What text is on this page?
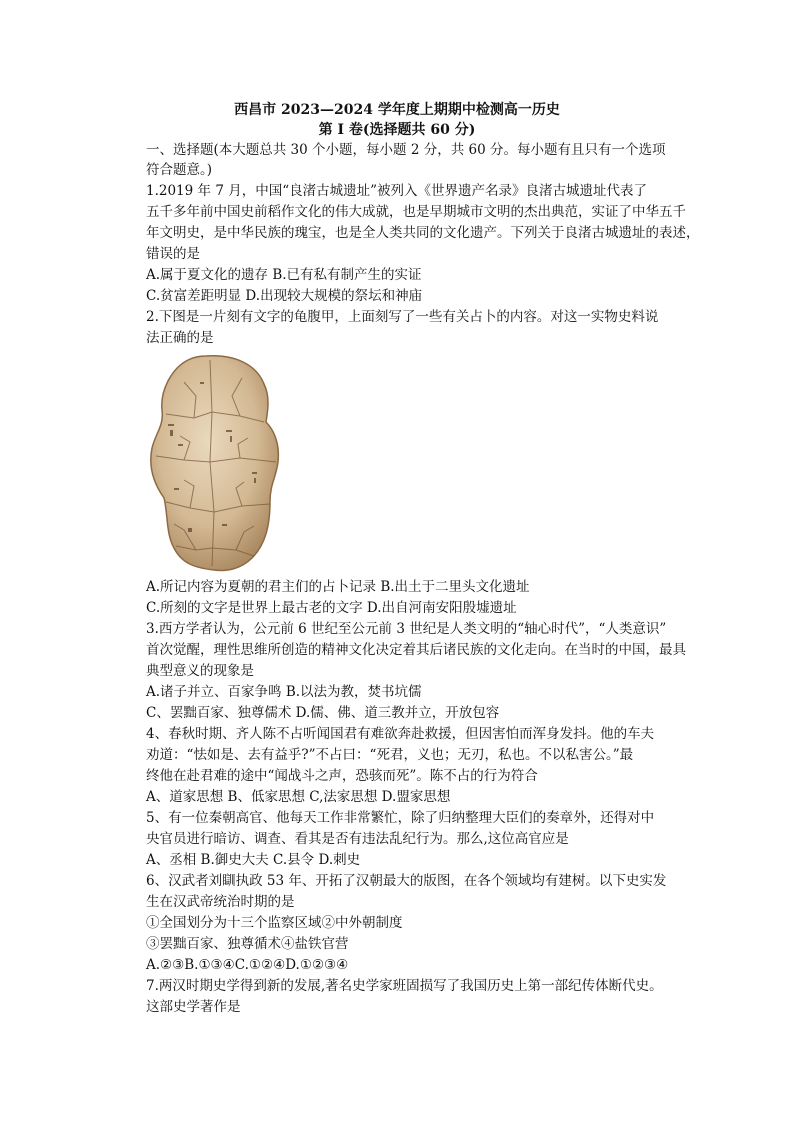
西昌市 2023—2024 学年度上期期中检测高一历史
第 I 卷(选择题共 60 分)
一、选择题(本大题总共 30 个小题，每小题 2 分，共 60 分。每小题有且只有一个选项
符合题意。)
1.2019 年 7 月，中国“良渚古城遗址”被列入《世界遗产名录》良渚古城遗址代表了
五千多年前中国史前稻作文化的伟大成就，也是早期城市文明的杰出典范，实证了中华五千
年文明史，是中华民族的瑰宝，也是全人类共同的文化遗产。下列关于良渚古城遗址的表述，
错误的是
A.属于夏文化的遗存 B.已有私有制产生的实证
C.贫富差距明显 D.出现较大规模的祭坛和神庙
2.下图是一片刻有文字的龟腹甲，上面刻写了一些有关占卜的内容。对这一实物史料说
法正确的是
A.所记内容为夏朝的君主们的占卜记录 B.出土于二里头文化遗址
C.所刻的文字是世界上最古老的文字 D.出自河南安阳殷墟遗址
3.西方学者认为，公元前 6 世纪至公元前 3 世纪是人类文明的“轴心时代”，“人类意识”
首次觉醒，理性思维所创造的精神文化决定着其后诸民族的文化走向。在当时的中国，最具
典型意义的现象是
A.诸子并立、百家争鸣 B.以法为教，焚书坑儒
C、罢黜百家、独尊儒术 D.儒、佛、道三教并立，开放包容
4、春秋时期、齐人陈不占听闻国君有难欲奔赴救援，但因害怕而浑身发抖。他的车夫
劝道：“怯如是、去有益乎?”不占曰：“死君，义也；无刃，私也。不以私害公。”最
终他在赴君难的途中“闻战斗之声，恐骇而死”。陈不占的行为符合
A、道家思想 B、低家思想 C,法家思想 D.盟家思想
5、有一位秦朝高官、他每天工作非常繁忙，除了归纳整理大臣们的奏章外，还得对中
央官员进行暗访、调查、看其是否有违法乱纪行为。那么,这位高官应是
A、丞相 B.御史大夫 C.县令 D.刺史
6、汉武者刘瞓执政 53 年、开拓了汉朝最大的版图，在各个领域均有建树。以下史实发
生在汉武帝统治时期的是
①全国划分为十三个监察区域②中外朝制度
③罢黜百家、独尊循术④盐铁官营
A.②③B.①③④C.①②④D.①②③④
7.两汉时期史学得到新的发展,著名史学家班固损写了我国历史上第一部纪传体断代史。
这部史学著作是
